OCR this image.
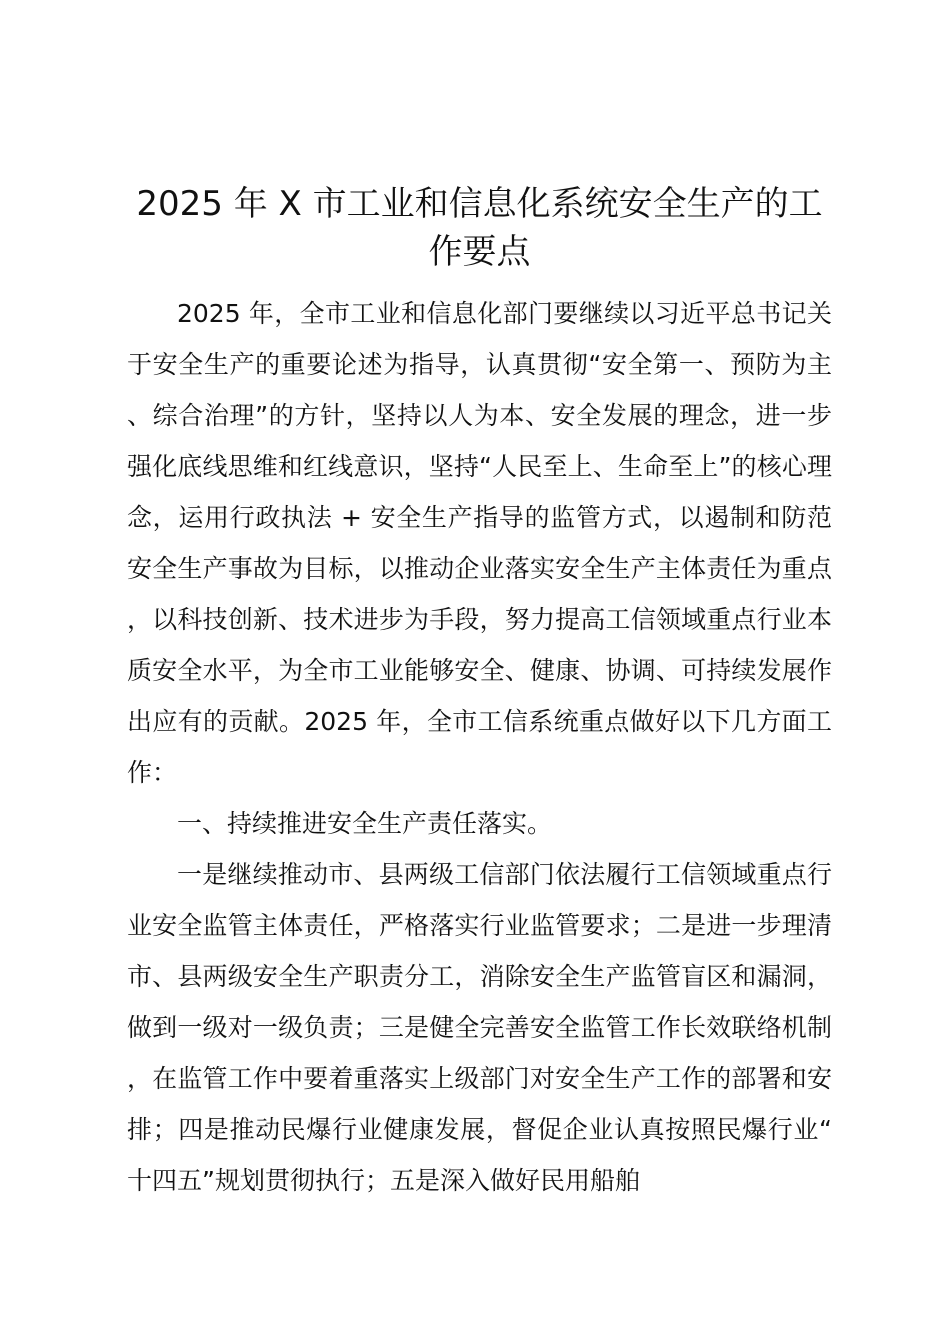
2025 年 X 市工业和信息化系统安全生产的工作要点

2025 年，全市工业和信息化部门要继续以习近平总书记关于安全生产的重要论述为指导，认真贯彻“安全第一、预防为主、综合治理”的方针，坚持以人为本、安全发展的理念，进一步强化底线思维和红线意识，坚持“人民至上、生命至上”的核心理念，运用行政执法 + 安全生产指导的监管方式，以遏制和防范安全生产事故为目标，以推动企业落实安全生产主体责任为重点，以科技创新、技术进步为手段，努力提高工信领域重点行业本质安全水平，为全市工业能够安全、健康、协调、可持续发展作出应有的贡献。2025 年，全市工信系统重点做好以下几方面工作：

一、持续推进安全生产责任落实。

一是继续推动市、县两级工信部门依法履行工信领域重点行业安全监管主体责任，严格落实行业监管要求；二是进一步理清市、县两级安全生产职责分工，消除安全生产监管盲区和漏洞，做到一级对一级负责；三是健全完善安全监管工作长效联络机制，在监管工作中要着重落实上级部门对安全生产工作的部署和安排；四是推动民爆行业健康发展，督促企业认真按照民爆行业“十四五”规划贯彻执行；五是深入做好民用船舶
